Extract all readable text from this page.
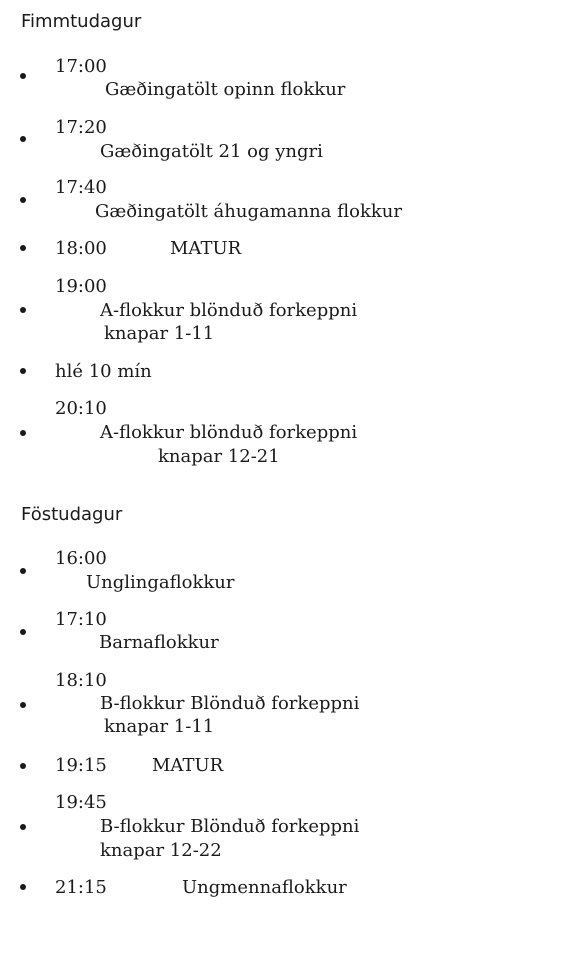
Fimmtudagur
17:00
Gæðingatölt opinn flokkur
17:20
Gæðingatölt 21 og yngri
17:40
Gæðingatölt áhugamanna flokkur
18:00	MATUR
19:00
A-flokkur blönduð forkeppni
knapar 1-11
hlé 10 mín
20:10
A-flokkur blönduð forkeppni
knapar 12-21
Föstudagur
16:00
Unglingaflokkur
17:10
Barnaflokkur
18:10
B-flokkur Blönduð forkeppni
knapar 1-11
19:15	MATUR
19:45
B-flokkur Blönduð forkeppni
knapar 12-22
21:15	Ungmennaflokkur
